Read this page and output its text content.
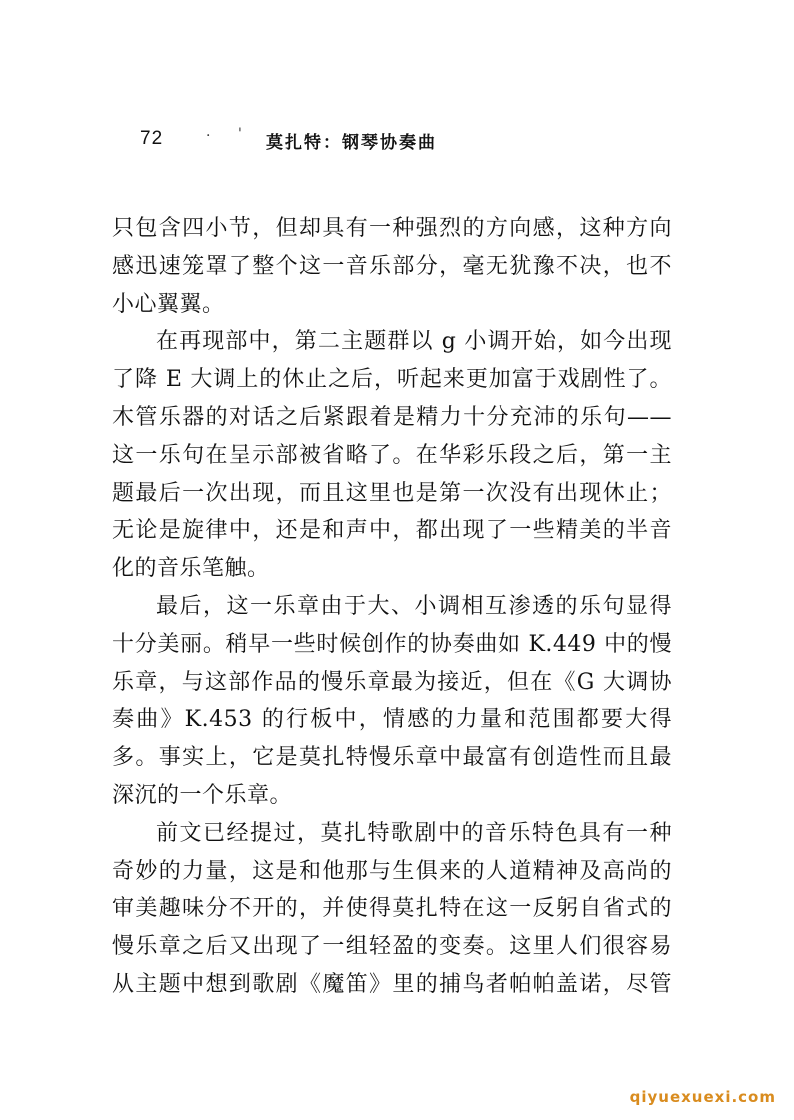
72	· ' 莫扎特：钢琴协奏曲
只包含四小节，但却具有一种强烈的方向感，这种方向
感迅速笼罩了整个这一音乐部分，毫无犹豫不决，也不
小心翼翼。
在再现部中，第二主题群以 g 小调开始，如今出现
了降 E 大调上的休止之后，听起来更加富于戏剧性了。
木管乐器的对话之后紧跟着是精力十分充沛的乐句——
这一乐句在呈示部被省略了。在华彩乐段之后，第一主
题最后一次出现，而且这里也是第一次没有出现休止；
无论是旋律中，还是和声中，都出现了一些精美的半音
化的音乐笔触。
最后，这一乐章由于大、小调相互渗透的乐句显得
十分美丽。稍早一些时候创作的协奏曲如 K.449 中的慢
乐章，与这部作品的慢乐章最为接近，但在《G 大调协
奏曲》K.453 的行板中，情感的力量和范围都要大得
多。事实上，它是莫扎特慢乐章中最富有创造性而且最
深沉的一个乐章。
前文已经提过，莫扎特歌剧中的音乐特色具有一种
奇妙的力量，这是和他那与生俱来的人道精神及高尚的
审美趣味分不开的，并使得莫扎特在这一反躬自省式的
慢乐章之后又出现了一组轻盈的变奏。这里人们很容易
从主题中想到歌剧《魔笛》里的捕鸟者帕帕盖诺，尽管
qiyuexuexi.com
